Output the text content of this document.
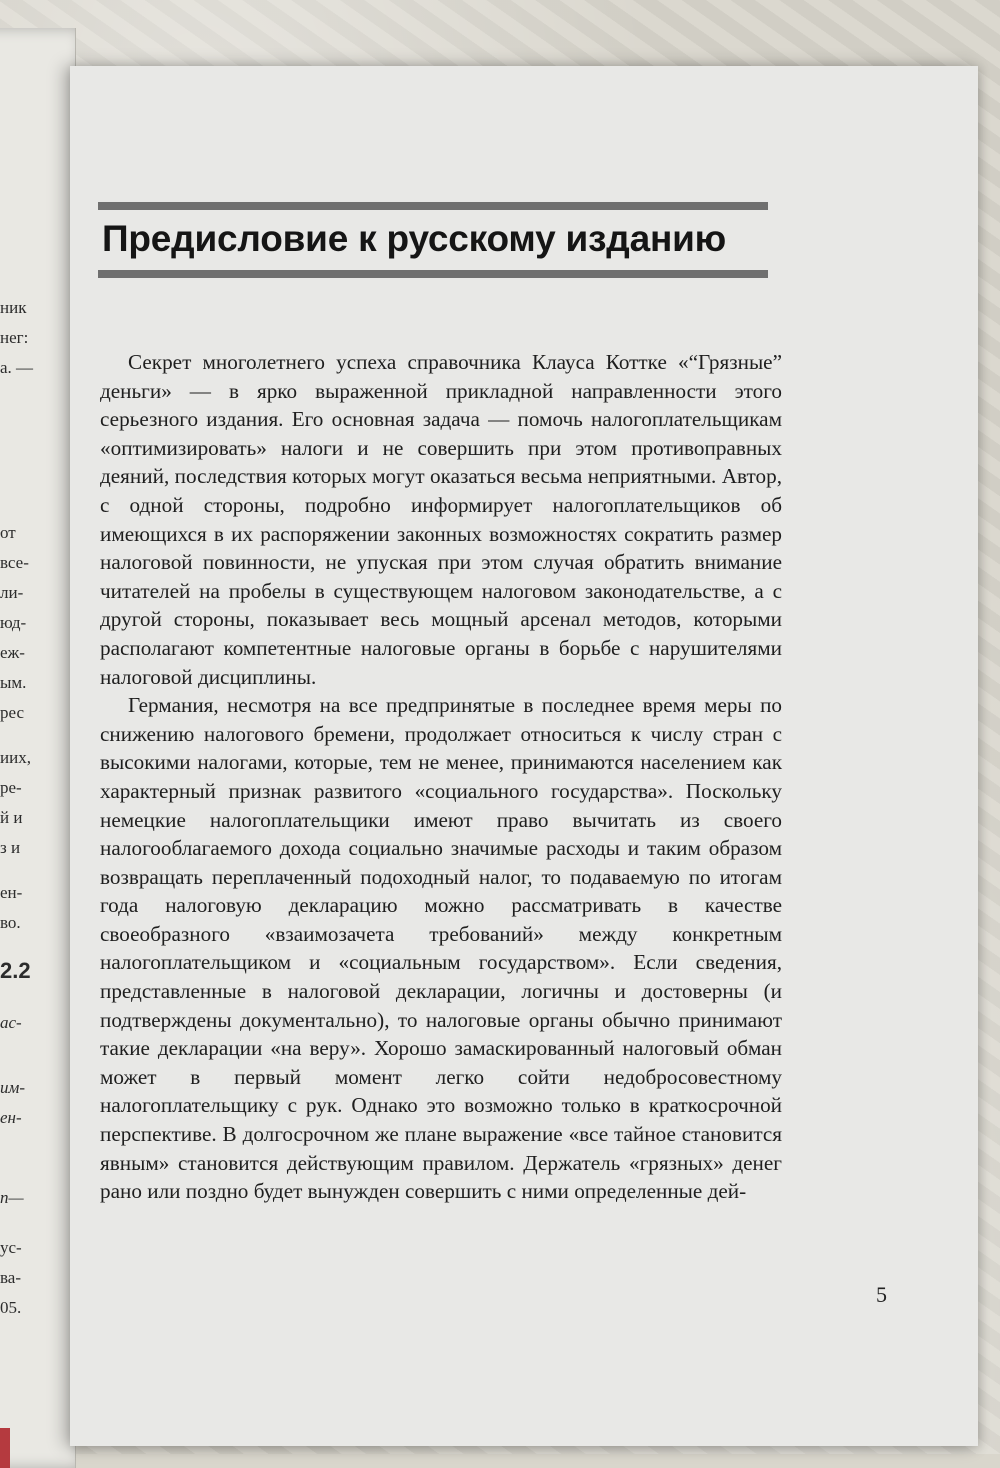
ник
нег:
а. —
от
все-
ли-
юд-
еж-
ым.
рес
иих,
ре-
й и
з и
ен-
во.
2.2
ас-
им-
ен-
п—
ус-
ва-
05.
Предисловие к русскому изданию

Секрет многолетнего успеха справочника Клауса Коттке «“Грязные” деньги» — в ярко выраженной прикладной направленности этого серьезного издания. Его основная задача — помочь налогоплательщикам «оптимизировать» налоги и не совершить при этом противоправных деяний, последствия которых могут оказаться весьма неприятными. Автор, с одной стороны, подробно информирует налогоплательщиков об имеющихся в их распоряжении законных возможностях сократить размер налоговой повинности, не упуская при этом случая обратить внимание читателей на пробелы в существующем налоговом законодательстве, а с другой стороны, показывает весь мощный арсенал методов, которыми располагают компетентные налоговые органы в борьбе с нарушителями налоговой дисциплины.

Германия, несмотря на все предпринятые в последнее время меры по снижению налогового бремени, продолжает относиться к числу стран с высокими налогами, которые, тем не менее, принимаются населением как характерный признак развитого «социального государства». Поскольку немецкие налогоплательщики имеют право вычитать из своего налогооблагаемого дохода социально значимые расходы и таким образом возвращать переплаченный подоходный налог, то подаваемую по итогам года налоговую декларацию можно рассматривать в качестве своеобразного «взаимозачета требований» между конкретным налогоплательщиком и «социальным государством». Если сведения, представленные в налоговой декларации, логичны и достоверны (и подтверждены документально), то налоговые органы обычно принимают такие декларации «на веру». Хорошо замаскированный налоговый обман может в первый момент легко сойти недобросовестному налогоплательщику с рук. Однако это возможно только в краткосрочной перспективе. В долгосрочном же плане выражение «все тайное становится явным» становится действующим правилом. Держатель «грязных» денег рано или поздно будет вынужден совершить с ними определенные дей-

5
